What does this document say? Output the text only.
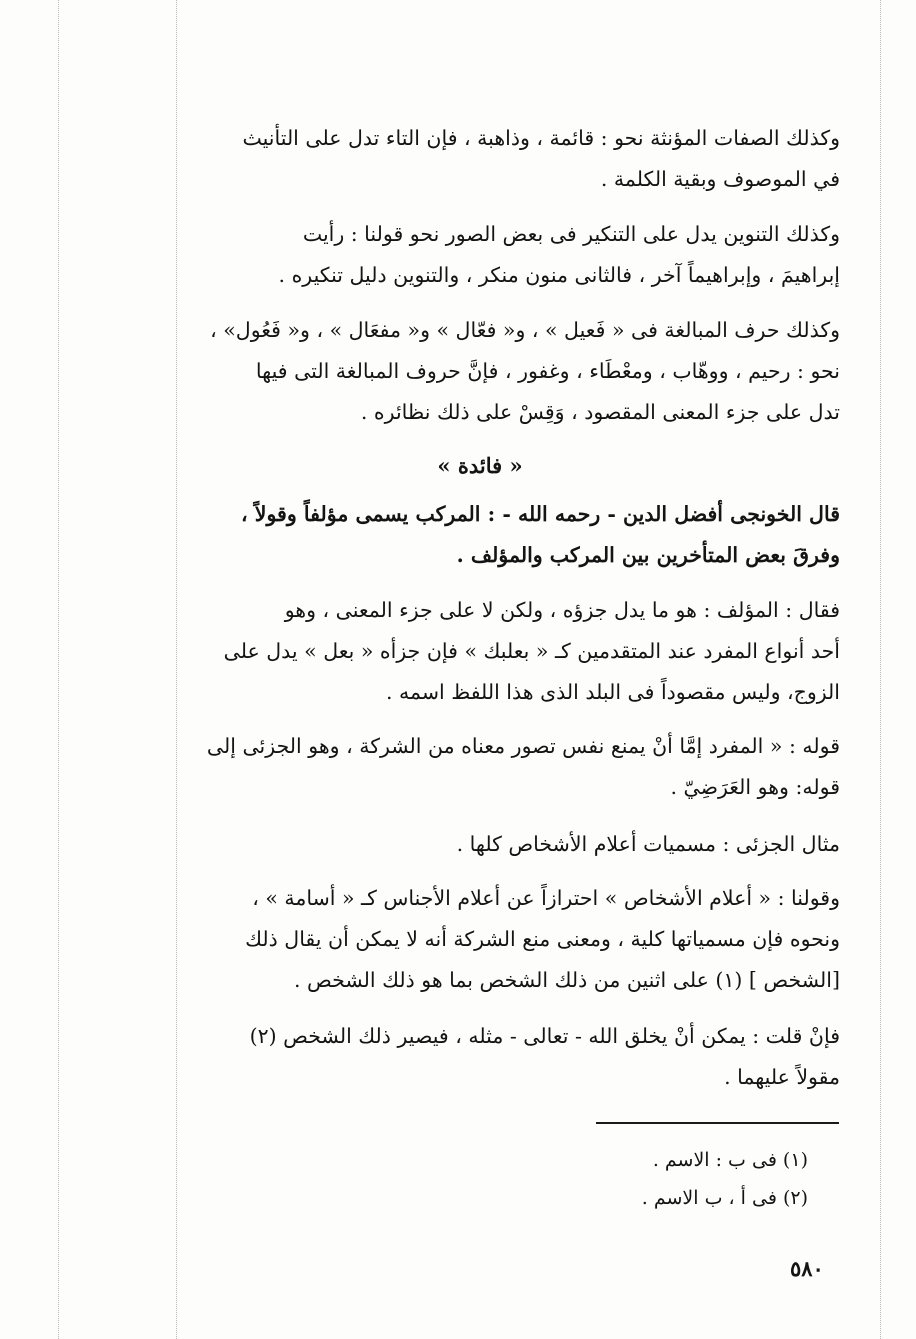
وكذلك الصفات المؤنثة نحو : قائمة ، وذاهبة ، فإن التاء تدل على التأنيث
في الموصوف وبقية الكلمة .

وكذلك التنوين يدل على التنكير فى بعض الصور نحو قولنا : رأيت
إبراهيمَ ، وإبراهيماً آخر ، فالثانى منون منكر ، والتنوين دليل تنكيره .

وكذلك حرف المبالغة فى « فَعيل » ، و« فعّال » و« مفعَال » ، و« فَعُول» ،
نحو : رحيم ، ووهّاب ، ومعْطَاء ، وغفور ، فإنَّ حروف المبالغة التى فيها
تدل على جزء المعنى المقصود ، وَقِسْ على ذلك نظائره .

« فائدة »

قال الخونجى أفضل الدين - رحمه الله - : المركب يسمى مؤلفاً وقولاً ،
وفرقَ بعض المتأخرين بين المركب والمؤلف .

فقال : المؤلف : هو ما يدل جزؤه ، ولكن لا على جزء المعنى ، وهو
أحد أنواع المفرد عند المتقدمين كـ « بعلبك » فإن جزأه « بعل » يدل على
الزوج، وليس مقصوداً فى البلد الذى هذا اللفظ اسمه .

قوله : « المفرد إمَّا أنْ يمنع نفس تصور معناه من الشركة ، وهو الجزئى إلى
قوله: وهو العَرَضِيّ .

مثال الجزئى : مسميات أعلام الأشخاص كلها .

وقولنا : « أعلام الأشخاص » احترازاً عن أعلام الأجناس كـ « أسامة » ،
ونحوه فإن مسمياتها كلية ، ومعنى منع الشركة أنه لا يمكن أن يقال ذلك
[الشخص ] (١) على اثنين من ذلك الشخص بما هو ذلك الشخص .

فإنْ قلت : يمكن أنْ يخلق الله - تعالى - مثله ، فيصير ذلك الشخص (٢)
مقولاً عليهما .

(١) فى ب : الاسم .
(٢) فى أ ، ب الاسم .
٥٨٠
